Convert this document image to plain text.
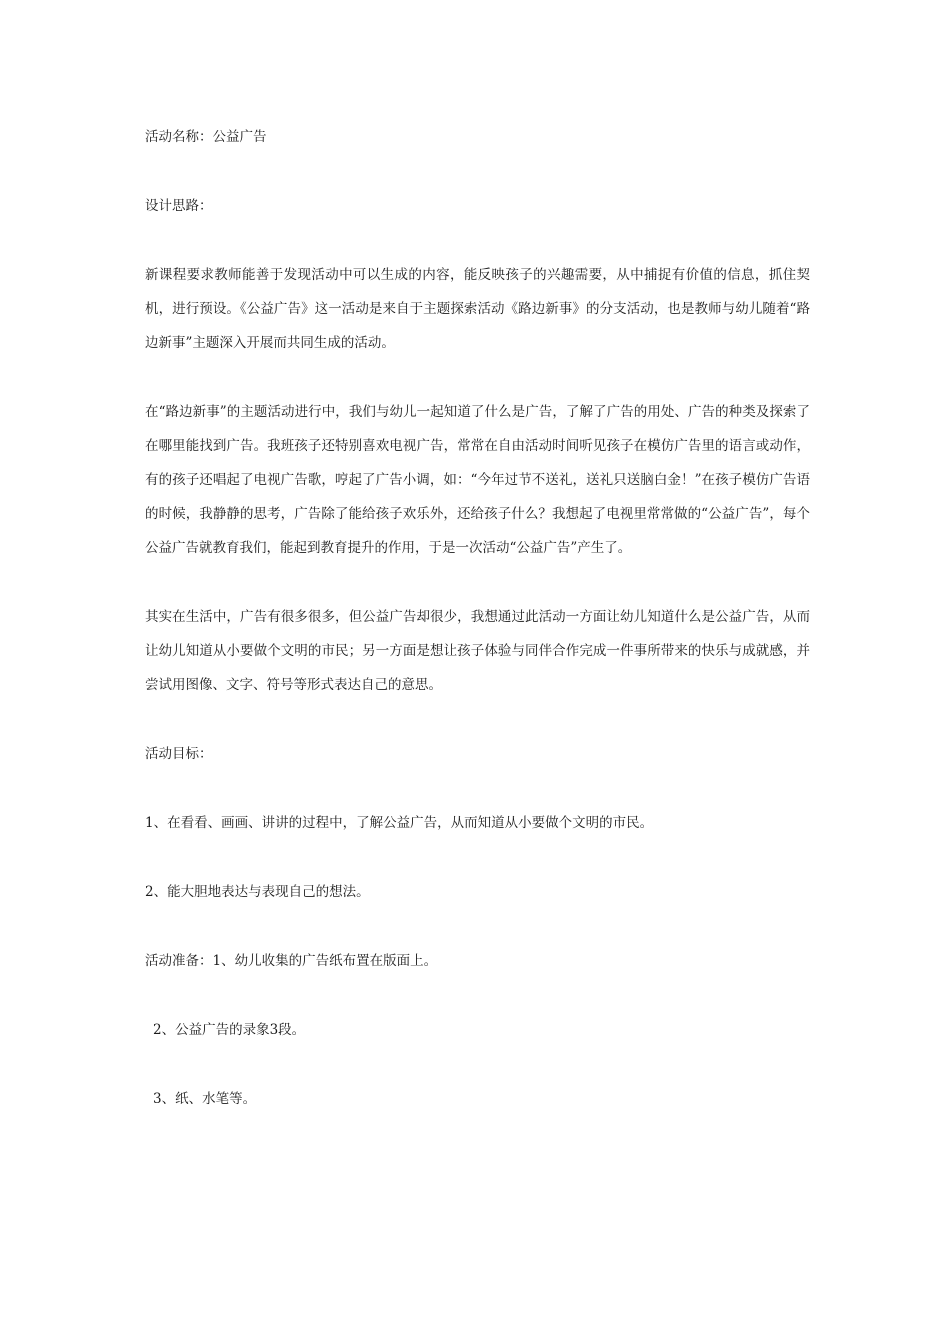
活动名称：公益广告

设计思路：

新课程要求教师能善于发现活动中可以生成的内容，能反映孩子的兴趣需要，从中捕捉有价值的信息，抓住契机，进行预设。《公益广告》这一活动是来自于主题探索活动《路边新事》的分支活动，也是教师与幼儿随着“路边新事”主题深入开展而共同生成的活动。

在“路边新事”的主题活动进行中，我们与幼儿一起知道了什么是广告，了解了广告的用处、广告的种类及探索了在哪里能找到广告。我班孩子还特别喜欢电视广告，常常在自由活动时间听见孩子在模仿广告里的语言或动作，有的孩子还唱起了电视广告歌，哼起了广告小调，如：“今年过节不送礼，送礼只送脑白金！”在孩子模仿广告语的时候，我静静的思考，广告除了能给孩子欢乐外，还给孩子什么？我想起了电视里常常做的“公益广告”，每个公益广告就教育我们，能起到教育提升的作用，于是一次活动“公益广告”产生了。

其实在生活中，广告有很多很多，但公益广告却很少，我想通过此活动一方面让幼儿知道什么是公益广告，从而让幼儿知道从小要做个文明的市民；另一方面是想让孩子体验与同伴合作完成一件事所带来的快乐与成就感，并尝试用图像、文字、符号等形式表达自己的意思。

活动目标：

1、在看看、画画、讲讲的过程中，了解公益广告，从而知道从小要做个文明的市民。

2、能大胆地表达与表现自己的想法。

活动准备：1、幼儿收集的广告纸布置在版面上。

2、公益广告的录象3段。

3、纸、水笔等。
